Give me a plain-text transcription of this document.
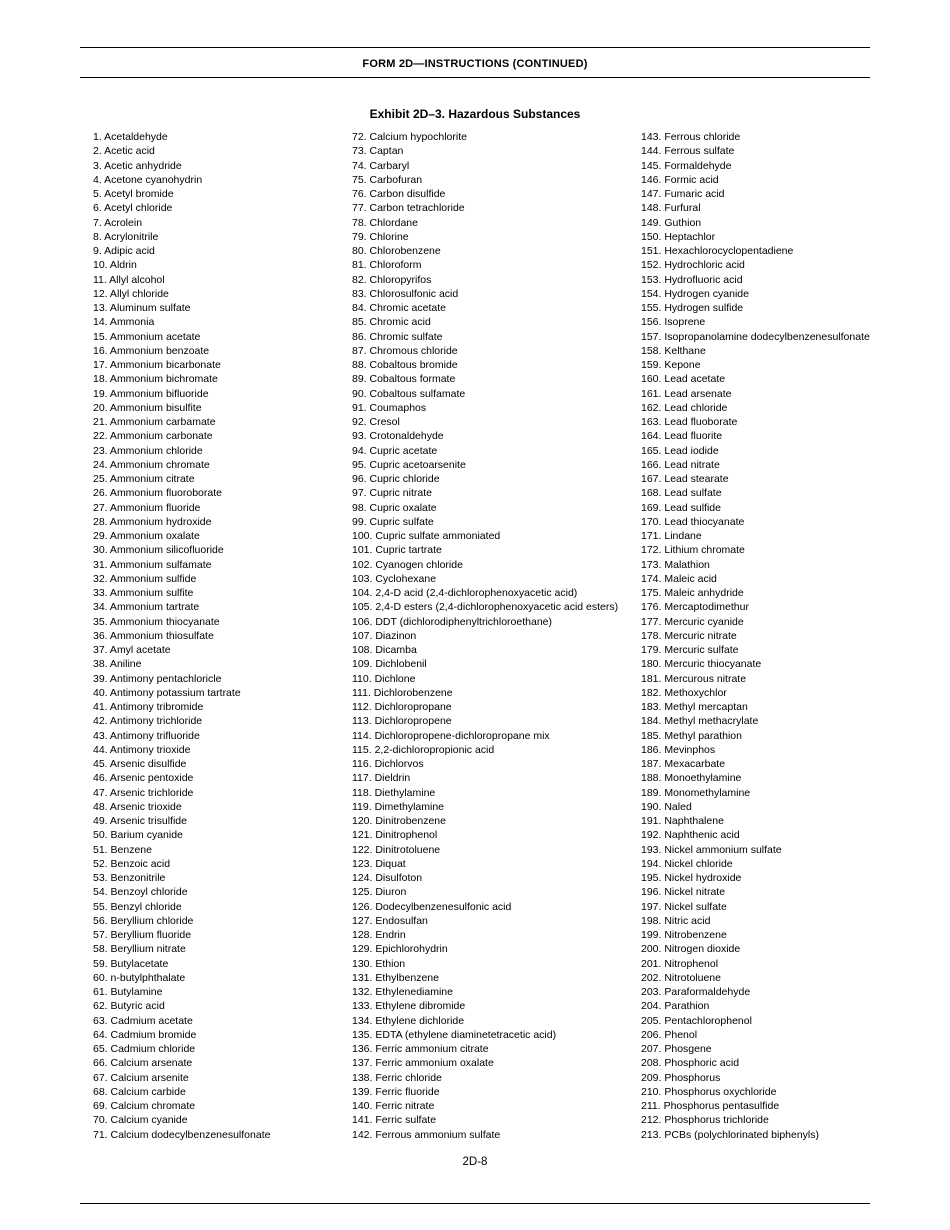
FORM 2D—INSTRUCTIONS (CONTINUED)
Exhibit 2D–3. Hazardous Substances
1. Acetaldehyde
2. Acetic acid
3. Acetic anhydride
4. Acetone cyanohydrin
5. Acetyl bromide
6. Acetyl chloride
7. Acrolein
8. Acrylonitrile
9. Adipic acid
10. Aldrin
11. Allyl alcohol
12. Allyl chloride
13. Aluminum sulfate
14. Ammonia
15. Ammonium acetate
16. Ammonium benzoate
17. Ammonium bicarbonate
18. Ammonium bichromate
19. Ammonium bifluoride
20. Ammonium bisulfite
21. Ammonium carbamate
22. Ammonium carbonate
23. Ammonium chloride
24. Ammonium chromate
25. Ammonium citrate
26. Ammonium fluoroborate
27. Ammonium fluoride
28. Ammonium hydroxide
29. Ammonium oxalate
30. Ammonium silicofluoride
31. Ammonium sulfamate
32. Ammonium sulfide
33. Ammonium sulfite
34. Ammonium tartrate
35. Ammonium thiocyanate
36. Ammonium thiosulfate
37. Amyl acetate
38. Aniline
39. Antimony pentachloricle
40. Antimony potassium tartrate
41. Antimony tribromide
42. Antimony trichloride
43. Antimony trifluoride
44. Antimony trioxide
45. Arsenic disulfide
46. Arsenic pentoxide
47. Arsenic trichloride
48. Arsenic trioxide
49. Arsenic trisulfide
50. Barium cyanide
51. Benzene
52. Benzoic acid
53. Benzonitrile
54. Benzoyl chloride
55. Benzyl chloride
56. Beryllium chloride
57. Beryllium fluoride
58. Beryllium nitrate
59. Butylacetate
60. n-butylphthalate
61. Butylamine
62. Butyric acid
63. Cadmium acetate
64. Cadmium bromide
65. Cadmium chloride
66. Calcium arsenate
67. Calcium arsenite
68. Calcium carbide
69. Calcium chromate
70. Calcium cyanide
71. Calcium dodecylbenzenesulfonate
72. Calcium hypochlorite
73. Captan
74. Carbaryl
75. Carbofuran
76. Carbon disulfide
77. Carbon tetrachloride
78. Chlordane
79. Chlorine
80. Chlorobenzene
81. Chloroform
82. Chloropyrifos
83. Chlorosulfonic acid
84. Chromic acetate
85. Chromic acid
86. Chromic sulfate
87. Chromous chloride
88. Cobaltous bromide
89. Cobaltous formate
90. Cobaltous sulfamate
91. Coumaphos
92. Cresol
93. Crotonaldehyde
94. Cupric acetate
95. Cupric acetoarsenite
96. Cupric chloride
97. Cupric nitrate
98. Cupric oxalate
99. Cupric sulfate
100. Cupric sulfate ammoniated
101. Cupric tartrate
102. Cyanogen chloride
103. Cyclohexane
104. 2,4-D acid (2,4-dichlorophenoxyacetic acid)
105. 2,4-D esters (2,4-dichlorophenoxyacetic acid esters)
106. DDT (dichlorodiphenyltrichloroethane)
107. Diazinon
108. Dicamba
109. Dichlobenil
110. Dichlone
111. Dichlorobenzene
112. Dichloropropane
113. Dichloropropene
114. Dichloropropene-dichloropropane mix
115. 2,2-dichloropropionic acid
116. Dichlorvos
117. Dieldrin
118. Diethylamine
119. Dimethylamine
120. Dinitrobenzene
121. Dinitrophenol
122. Dinitrotoluene
123. Diquat
124. Disulfoton
125. Diuron
126. Dodecylbenzenesulfonic acid
127. Endosulfan
128. Endrin
129. Epichlorohydrin
130. Ethion
131. Ethylbenzene
132. Ethylenediamine
133. Ethylene dibromide
134. Ethylene dichloride
135. EDTA (ethylene diaminetetracetic acid)
136. Ferric ammonium citrate
137. Ferric ammonium oxalate
138. Ferric chloride
139. Ferric fluoride
140. Ferric nitrate
141. Ferric sulfate
142. Ferrous ammonium sulfate
143. Ferrous chloride
144. Ferrous sulfate
145. Formaldehyde
146. Formic acid
147. Fumaric acid
148. Furfural
149. Guthion
150. Heptachlor
151. Hexachlorocyclopentadiene
152. Hydrochloric acid
153. Hydrofluoric acid
154. Hydrogen cyanide
155. Hydrogen sulfide
156. Isoprene
157. Isopropanolamine dodecylbenzenesulfonate
158. Kelthane
159. Kepone
160. Lead acetate
161. Lead arsenate
162. Lead chloride
163. Lead fluoborate
164. Lead fluorite
165. Lead iodide
166. Lead nitrate
167. Lead stearate
168. Lead sulfate
169. Lead sulfide
170. Lead thiocyanate
171. Lindane
172. Lithium chromate
173. Malathion
174. Maleic acid
175. Maleic anhydride
176. Mercaptodimethur
177. Mercuric cyanide
178. Mercuric nitrate
179. Mercuric sulfate
180. Mercuric thiocyanate
181. Mercurous nitrate
182. Methoxychlor
183. Methyl mercaptan
184. Methyl methacrylate
185. Methyl parathion
186. Mevinphos
187. Mexacarbate
188. Monoethylamine
189. Monomethylamine
190. Naled
191. Naphthalene
192. Naphthenic acid
193. Nickel ammonium sulfate
194. Nickel chloride
195. Nickel hydroxide
196. Nickel nitrate
197. Nickel sulfate
198. Nitric acid
199. Nitrobenzene
200. Nitrogen dioxide
201. Nitrophenol
202. Nitrotoluene
203. Paraformaldehyde
204. Parathion
205. Pentachlorophenol
206. Phenol
207. Phosgene
208. Phosphoric acid
209. Phosphorus
210. Phosphorus oxychloride
211. Phosphorus pentasulfide
212. Phosphorus trichloride
213. PCBs (polychlorinated biphenyls)
2D-8
